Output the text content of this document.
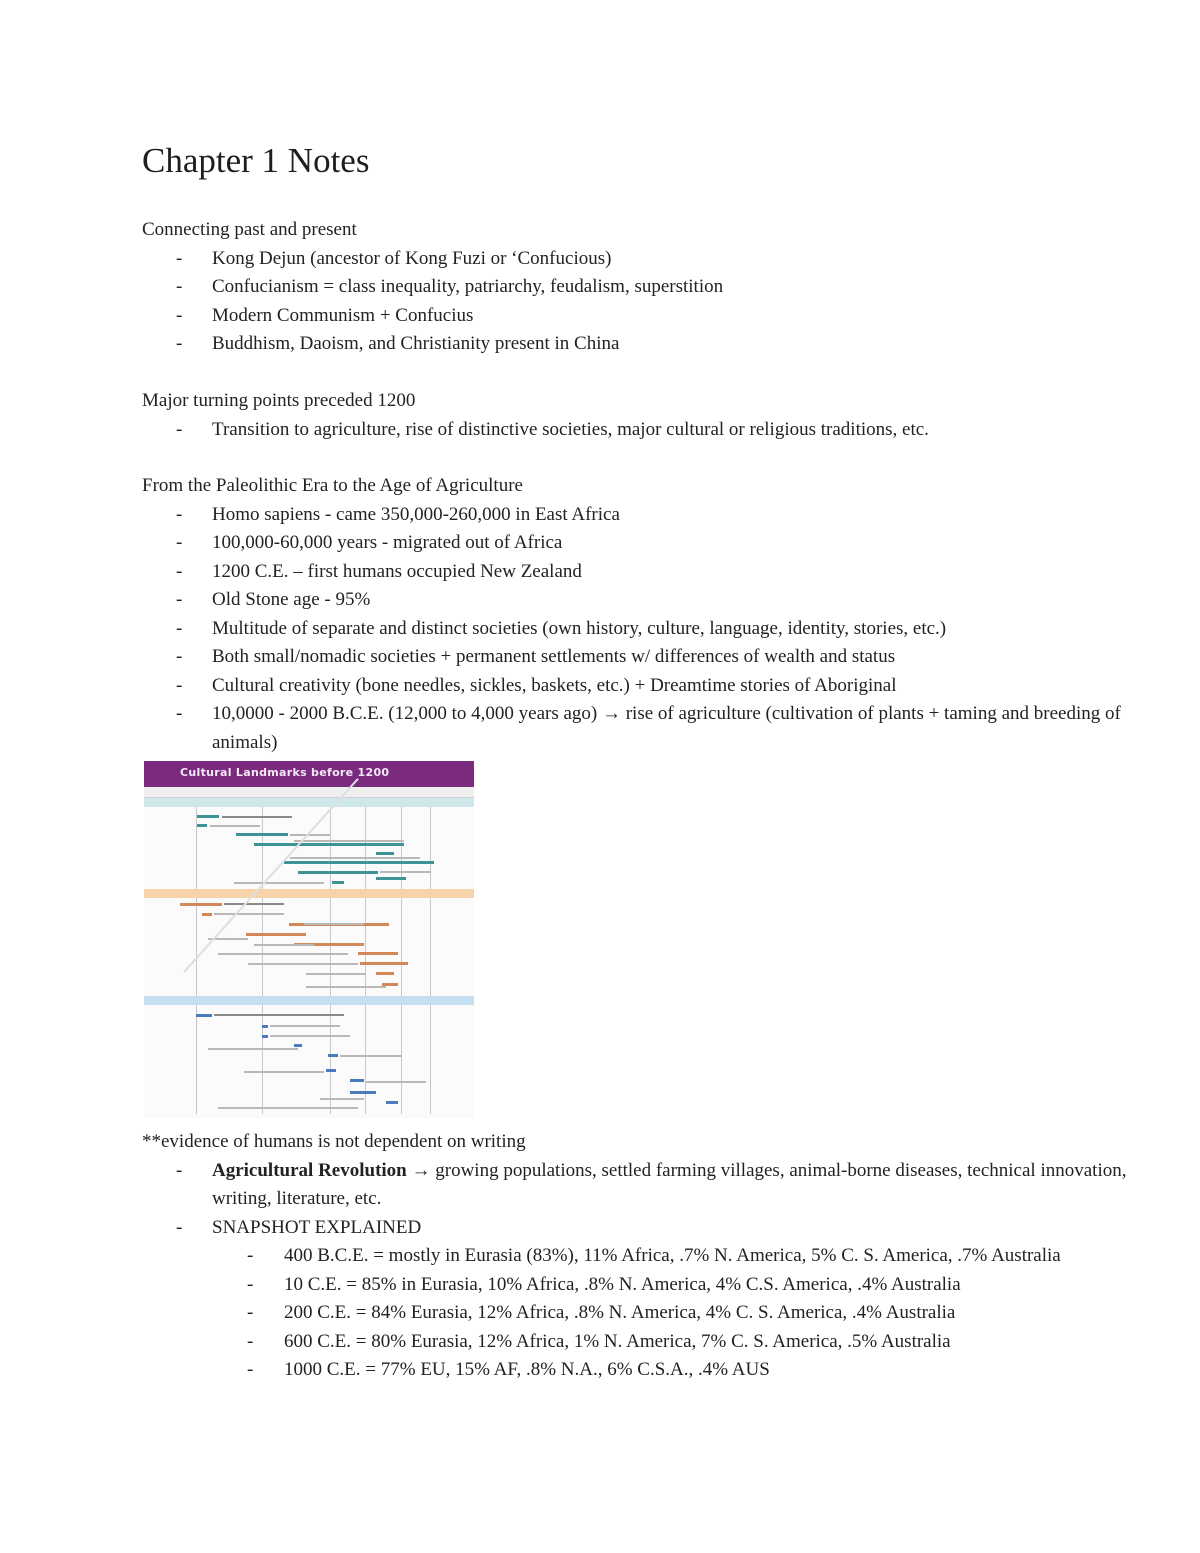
Chapter 1 Notes

Connecting past and present

- Kong Dejun (ancestor of Kong Fuzi or ‘Confucious)
- Confucianism = class inequality, patriarchy, feudalism, superstition
- Modern Communism + Confucius
- Buddhism, Daoism, and Christianity present in China

Major turning points preceded 1200

- Transition to agriculture, rise of distinctive societies, major cultural or religious traditions, etc.

From the Paleolithic Era to the Age of Agriculture

- Homo sapiens - came 350,000-260,000 in East Africa
- 100,000-60,000 years - migrated out of Africa
- 1200 C.E. – first humans occupied New Zealand
- Old Stone age - 95%
- Multitude of separate and distinct societies (own history, culture, language, identity, stories, etc.)
- Both small/nomadic societies + permanent settlements w/ differences of wealth and status
- Cultural creativity (bone needles, sickles, baskets, etc.) + Dreamtime stories of Aboriginal
- 10,0000 - 2000 B.C.E. (12,000 to 4,000 years ago) → rise of agriculture (cultivation of plants + taming and breeding of animals)
Cultural Landmarks before 1200

**evidence of humans is not dependent on writing

- Agricultural Revolution → growing populations, settled farming villages, animal-borne diseases, technical innovation, writing, literature, etc.
- SNAPSHOT EXPLAINED
- 400 B.C.E. = mostly in Eurasia (83%), 11% Africa, .7% N. America, 5% C. S. America, .7% Australia
- 10 C.E. = 85% in Eurasia, 10% Africa, .8% N. America, 4% C.S. America, .4% Australia
- 200 C.E. = 84% Eurasia, 12% Africa, .8% N. America, 4% C. S. America, .4% Australia
- 600 C.E. = 80% Eurasia, 12% Africa, 1% N. America, 7% C. S. America, .5% Australia
- 1000 C.E. = 77% EU, 15% AF, .8% N.A., 6% C.S.A., .4% AUS
